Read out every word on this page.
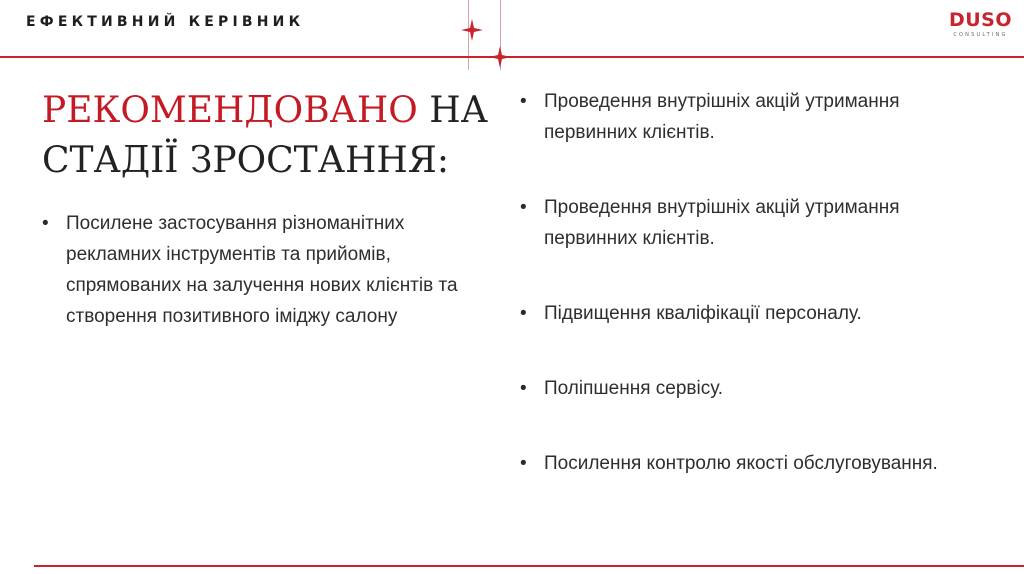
ЕФЕКТИВНИЙ КЕРІВНИК	DUSO
CONSULTING
РЕКОМЕНДОВАНО НА СТАДІЇ ЗРОСТАННЯ:
• Посилене застосування різноманітних рекламних інструментів та прийомів, спрямованих на залучення нових клієнтів та створення позитивного іміджу салону
• Проведення внутрішніх акцій утримання первинних клієнтів.
• Проведення внутрішніх акцій утримання первинних клієнтів.
• Підвищення кваліфікації персоналу.
• Поліпшення сервісу.
• Посилення контролю якості обслуговування.
